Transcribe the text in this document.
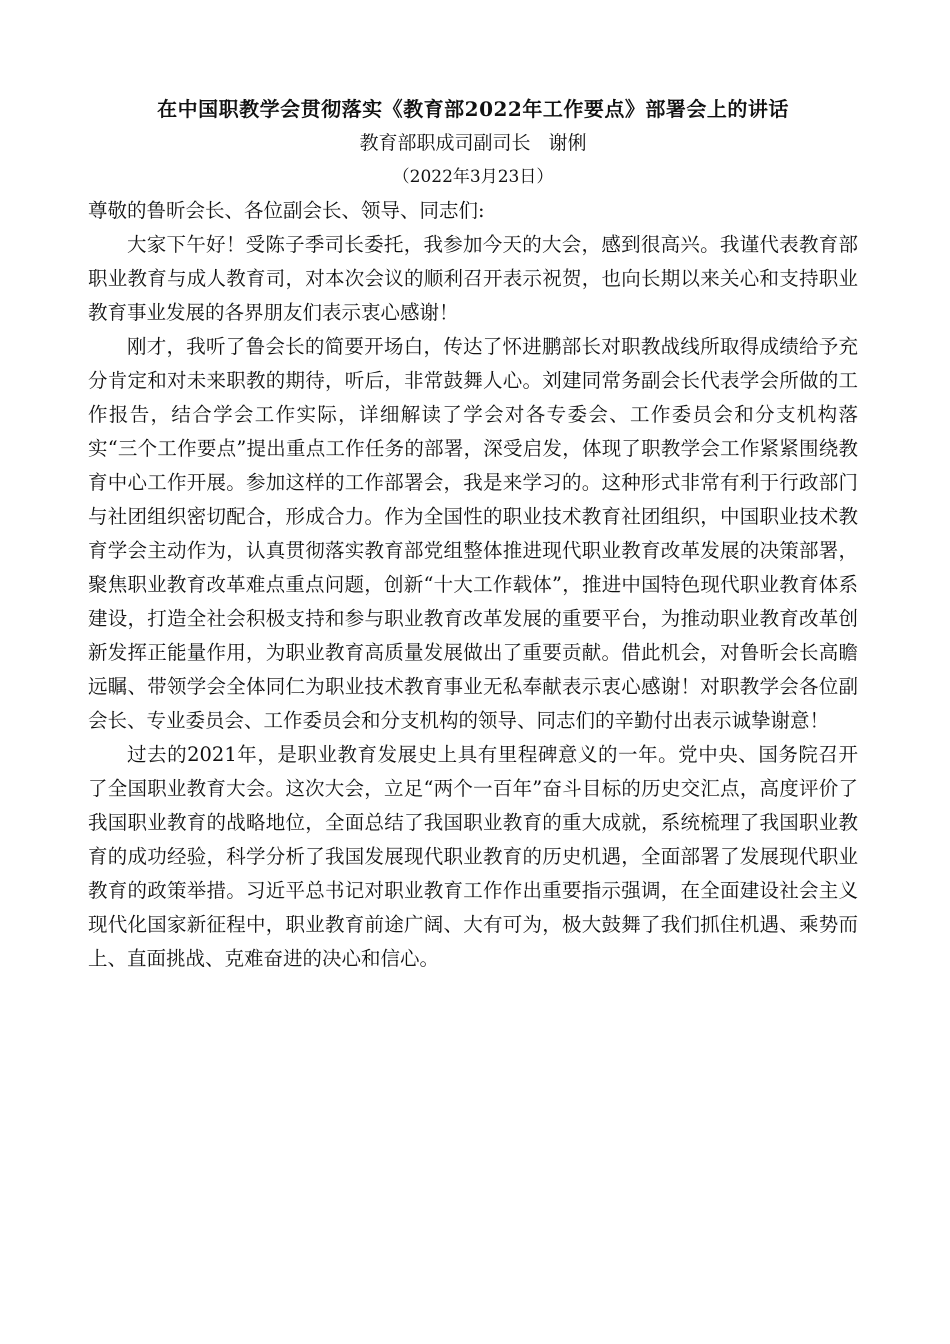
在中国职教学会贯彻落实《教育部2022年工作要点》部署会上的讲话

教育部职成司副司长   谢俐

（2022年3月23日）

尊敬的鲁昕会长、各位副会长、领导、同志们:

大家下午好！受陈子季司长委托，我参加今天的大会，感到很高兴。我谨代表教育部职业教育与成人教育司，对本次会议的顺利召开表示祝贺，也向长期以来关心和支持职业教育事业发展的各界朋友们表示衷心感谢！

刚才，我听了鲁会长的简要开场白，传达了怀进鹏部长对职教战线所取得成绩给予充分肯定和对未来职教的期待，听后，非常鼓舞人心。刘建同常务副会长代表学会所做的工作报告，结合学会工作实际，详细解读了学会对各专委会、工作委员会和分支机构落实“三个工作要点”提出重点工作任务的部署，深受启发，体现了职教学会工作紧紧围绕教育中心工作开展。参加这样的工作部署会，我是来学习的。这种形式非常有利于行政部门与社团组织密切配合，形成合力。作为全国性的职业技术教育社团组织，中国职业技术教育学会主动作为，认真贯彻落实教育部党组整体推进现代职业教育改革发展的决策部署，聚焦职业教育改革难点重点问题，创新“十大工作载体”，推进中国特色现代职业教育体系建设，打造全社会积极支持和参与职业教育改革发展的重要平台，为推动职业教育改革创新发挥正能量作用，为职业教育高质量发展做出了重要贡献。借此机会，对鲁昕会长高瞻远瞩、带领学会全体同仁为职业技术教育事业无私奉献表示衷心感谢！对职教学会各位副会长、专业委员会、工作委员会和分支机构的领导、同志们的辛勤付出表示诚挚谢意！

过去的2021年，是职业教育发展史上具有里程碑意义的一年。党中央、国务院召开了全国职业教育大会。这次大会，立足“两个一百年”奋斗目标的历史交汇点，高度评价了我国职业教育的战略地位，全面总结了我国职业教育的重大成就，系统梳理了我国职业教育的成功经验，科学分析了我国发展现代职业教育的历史机遇，全面部署了发展现代职业教育的政策举措。习近平总书记对职业教育工作作出重要指示强调，在全面建设社会主义现代化国家新征程中，职业教育前途广阔、大有可为，极大鼓舞了我们抓住机遇、乘势而上、直面挑战、克难奋进的决心和信心。
